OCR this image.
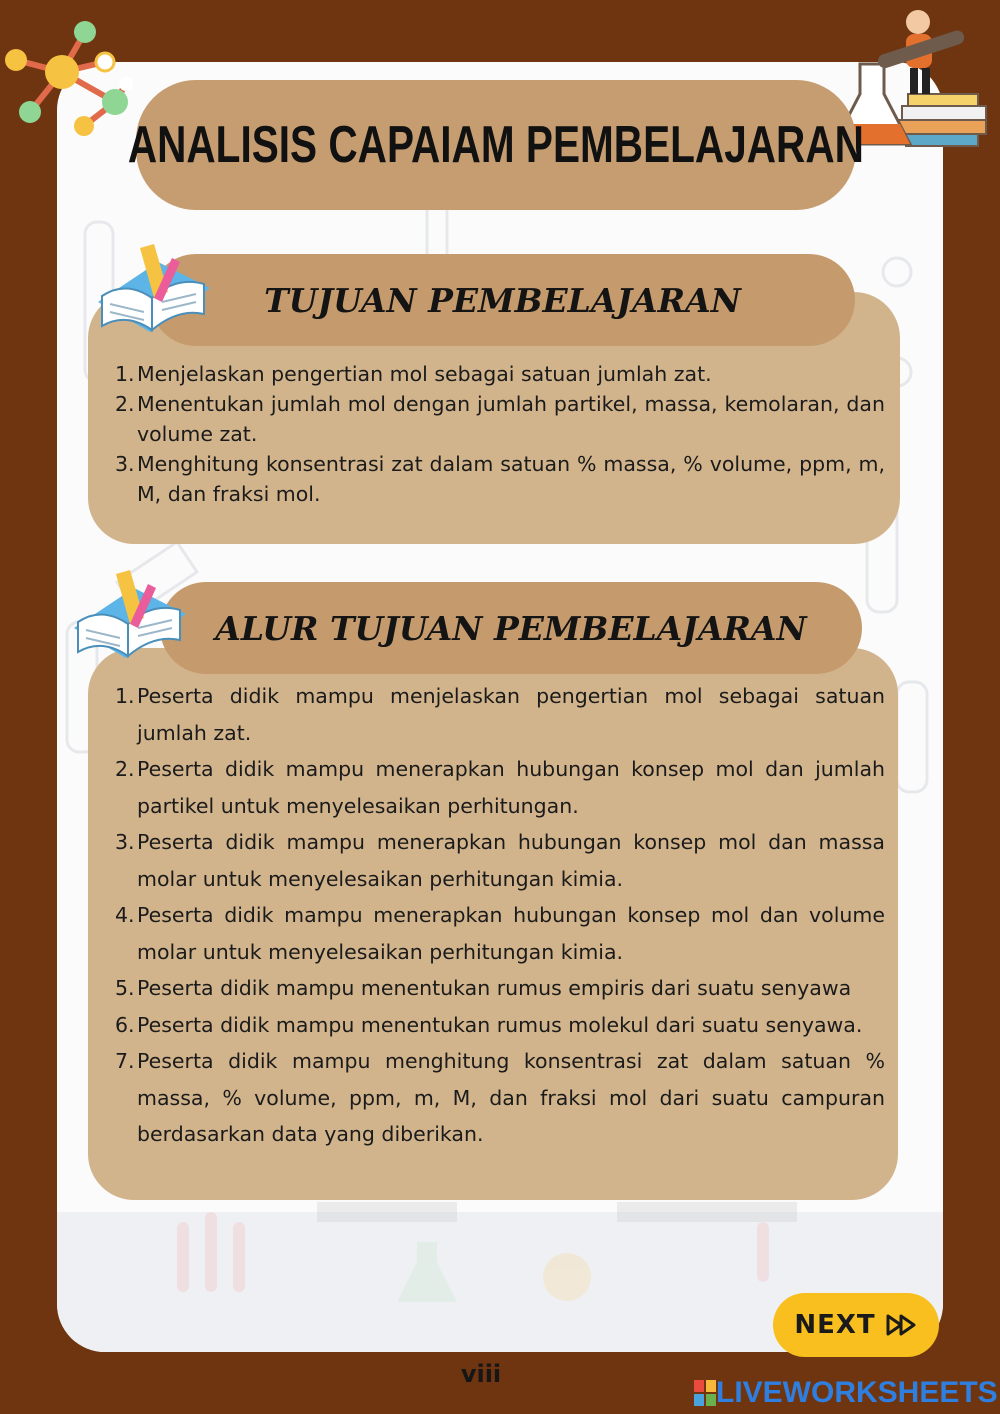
ANALISIS CAPAIAM PEMBELAJARAN
TUJUAN PEMBELAJARAN
1. Menjelaskan pengertian mol sebagai satuan jumlah zat.
2. Menentukan jumlah mol dengan jumlah partikel, massa, kemolaran, dan volume zat.
3. Menghitung konsentrasi zat dalam satuan % massa, % volume, ppm, m, M, dan fraksi mol.
ALUR TUJUAN PEMBELAJARAN
1. Peserta didik mampu menjelaskan pengertian mol sebagai satuan jumlah zat.
2. Peserta didik mampu menerapkan hubungan konsep mol dan jumlah partikel untuk menyelesaikan perhitungan.
3. Peserta didik mampu menerapkan hubungan konsep mol dan massa molar untuk menyelesaikan perhitungan kimia.
4. Peserta didik mampu menerapkan hubungan konsep mol dan volume molar untuk menyelesaikan perhitungan kimia.
5. Peserta didik mampu menentukan rumus empiris dari suatu senyawa
6. Peserta didik mampu menentukan rumus molekul dari suatu senyawa.
7. Peserta didik mampu menghitung konsentrasi zat dalam satuan % massa, % volume, ppm, m, M, dan fraksi mol dari suatu campuran berdasarkan data yang diberikan.
NEXT
viii
LIVEWORKSHEETS
